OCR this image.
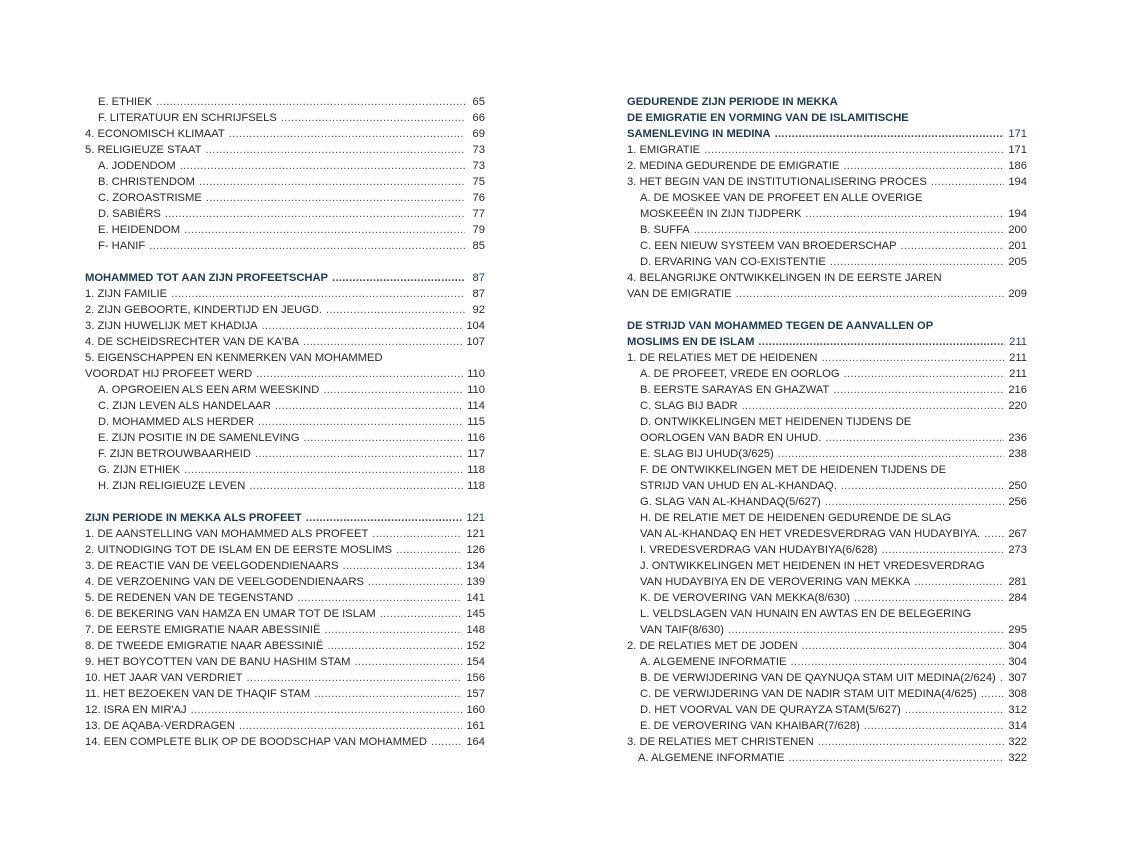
E. ETHIEK .....	65
F. LITERATUUR EN SCHRIJFSELS .....	66
4. ECONOMISCH KLIMAAT .....	69
5. RELIGIEUZE STAAT .....	73
A. JODENDOM .....	73
B. CHRISTENDOM .....	75
C. ZOROASTRISME .....	76
D. SABIËRS .....	77
E. HEIDENDOM .....	79
F- HANIF .....	85
MOHAMMED TOT AAN ZIJN PROFEETSCHAP .....	87
1. ZIJN FAMILIE .....	87
2. ZIJN GEBOORTE, KINDERTIJD EN JEUGD. .....	92
3. ZIJN HUWELIJK MET KHADIJA .....	104
4. DE SCHEIDSRECHTER VAN DE KA'BA .....	107
5. EIGENSCHAPPEN EN KENMERKEN VAN MOHAMMED
VOORDAT HIJ PROFEET WERD .....	110
A. OPGROEIEN ALS EEN ARM WEESKIND .....	110
C. ZIJN LEVEN ALS HANDELAAR .....	114
D. MOHAMMED ALS HERDER .....	115
E. ZIJN POSITIE IN DE SAMENLEVING .....	116
F. ZIJN BETROUWBAARHEID .....	117
G. ZIJN ETHIEK .....	118
H. ZIJN RELIGIEUZE LEVEN .....	118
ZIJN PERIODE IN MEKKA ALS PROFEET .....	121
1. DE AANSTELLING VAN MOHAMMED ALS PROFEET .....	121
2. UITNODIGING TOT DE ISLAM EN DE EERSTE MOSLIMS .....	126
3. DE REACTIE VAN DE VEELGODENDIENAARS .....	134
4. DE VERZOENING VAN DE VEELGODENDIENAARS .....	139
5. DE REDENEN VAN DE TEGENSTAND .....	141
6. DE BEKERING VAN HAMZA EN UMAR TOT DE ISLAM .....	145
7. DE EERSTE EMIGRATIE NAAR ABESSINIË .....	148
8. DE TWEEDE EMIGRATIE NAAR ABESSINIË .....	152
9. HET BOYCOTTEN VAN DE BANU HASHIM STAM .....	154
10. HET JAAR VAN VERDRIET .....	156
11. HET BEZOEKEN VAN DE THAQIF STAM .....	157
12. ISRA EN MIR'AJ .....	160
13. DE AQABA-VERDRAGEN .....	161
14. EEN COMPLETE BLIK OP DE BOODSCHAP VAN MOHAMMED .....	164
GEDURENDE ZIJN PERIODE IN MEKKA
DE EMIGRATIE EN VORMING VAN DE ISLAMITISCHE
SAMENLEVING IN MEDINA .....	171
1. EMIGRATIE .....	171
2. MEDINA GEDURENDE DE EMIGRATIE .....	186
3. HET BEGIN VAN DE INSTITUTIONALISERING PROCES .....	194
A. DE MOSKEE VAN DE PROFEET EN ALLE OVERIGE
MOSKEEËN IN ZIJN TIJDPERK .....	194
B. SUFFA .....	200
C. EEN NIEUW SYSTEEM VAN BROEDERSCHAP .....	201
D. ERVARING VAN CO-EXISTENTIE .....	205
4. BELANGRIJKE ONTWIKKELINGEN IN DE EERSTE JAREN
VAN DE EMIGRATIE .....	209
DE STRIJD VAN MOHAMMED TEGEN DE AANVALLEN OP
MOSLIMS EN DE ISLAM .....	211
1. DE RELATIES MET DE HEIDENEN .....	211
A. DE PROFEET, VREDE EN OORLOG .....	211
B. EERSTE SARAYAS EN GHAZWAT .....	216
C. SLAG BIJ BADR .....	220
D. ONTWIKKELINGEN MET HEIDENEN TIJDENS DE
OORLOGEN VAN BADR EN UHUD. .....	236
E. SLAG BIJ UHUD(3/625) .....	238
F. DE ONTWIKKELINGEN MET DE HEIDENEN TIJDENS DE
STRIJD VAN UHUD EN AL-KHANDAQ. .....	250
G. SLAG VAN AL-KHANDAQ(5/627) .....	256
H. DE RELATIE MET DE HEIDENEN GEDURENDE DE SLAG
VAN AL-KHANDAQ EN HET VREDESVERDRAG VAN HUDAYBIYA. .....	267
I. VREDESVERDRAG VAN HUDAYBIYA(6/628) .....	273
J. ONTWIKKELINGEN MET HEIDENEN IN HET VREDESVERDRAG
VAN HUDAYBIYA EN DE VEROVERING VAN MEKKA .....	281
K. DE VEROVERING VAN MEKKA(8/630) .....	284
L. VELDSLAGEN VAN HUNAIN EN AWTAS EN DE BELEGERING
VAN TAIF(8/630) .....	295
2. DE RELATIES MET DE JODEN .....	304
A. ALGEMENE INFORMATIE .....	304
B. DE VERWIJDERING VAN DE QAYNUQA STAM UIT MEDINA(2/624) ..... 307
C. DE VERWIJDERING VAN DE NADIR STAM UIT MEDINA(4/625) .....	308
D. HET VOORVAL VAN DE QURAYZA STAM(5/627) .....	312
E. DE VEROVERING VAN KHAIBAR(7/628) .....	314
3. DE RELATIES MET CHRISTENEN .....	322
A. ALGEMENE INFORMATIE .....	322
